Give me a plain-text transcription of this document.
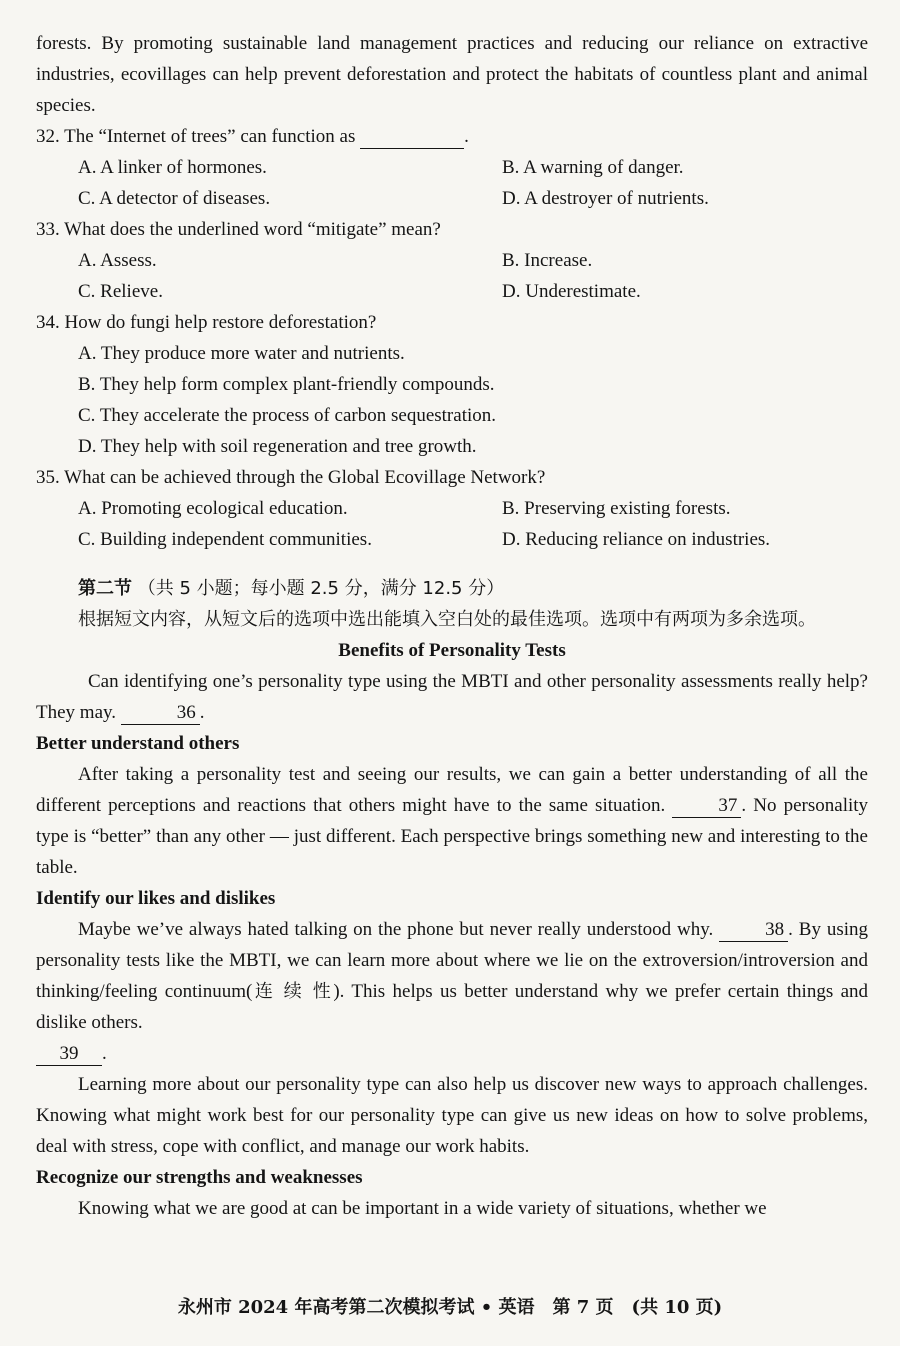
forests. By promoting sustainable land management practices and reducing our reliance on extractive industries, ecovillages can help prevent deforestation and protect the habitats of countless plant and animal species.

32. The “Internet of trees” can function as	.

A. A linker of hormones.	B. A warning of danger.
C. A detector of diseases.	D. A destroyer of nutrients.

33. What does the underlined word “mitigate” mean?

A. Assess.	B. Increase.
C. Relieve.	D. Underestimate.

34. How do fungi help restore deforestation?

A. They produce more water and nutrients.

B. They help form complex plant-friendly compounds.

C. They accelerate the process of carbon sequestration.

D. They help with soil regeneration and tree growth.

35. What can be achieved through the Global Ecovillage Network?

A. Promoting ecological education.	B. Preserving existing forests.
C. Building independent communities.	D. Reducing reliance on industries.

第二节 （共 5 小题；每小题 2.5 分，满分 12.5 分）

根据短文内容，从短文后的选项中选出能填入空白处的最佳选项。选项中有两项为多余选项。

Benefits of Personality Tests

Can identifying one’s personality type using the MBTI and other personality assessments really help? They may.	36 .

Better understand others

After taking a personality test and seeing our results, we can gain a better understanding of all the different perceptions and reactions that others might have to the same situation.	37 . No personality type is “better” than any other — just different. Each perspective brings something new and interesting to the table.

Identify our likes and dislikes

Maybe we’ve always hated talking on the phone but never really understood why.	38 . By using personality tests like the MBTI, we can learn more about where we lie on the extroversion/introversion and thinking/feeling continuum(连 续 性). This helps us better understand why we prefer certain things and dislike others.

39 .

Learning more about our personality type can also help us discover new ways to approach challenges. Knowing what might work best for our personality type can give us new ideas on how to solve problems, deal with stress, cope with conflict, and manage our work habits.

Recognize our strengths and weaknesses

Knowing what we are good at can be important in a wide variety of situations, whether we

永州市 2024 年高考第二次模拟考试 • 英语　第 7 页　(共 10 页)
